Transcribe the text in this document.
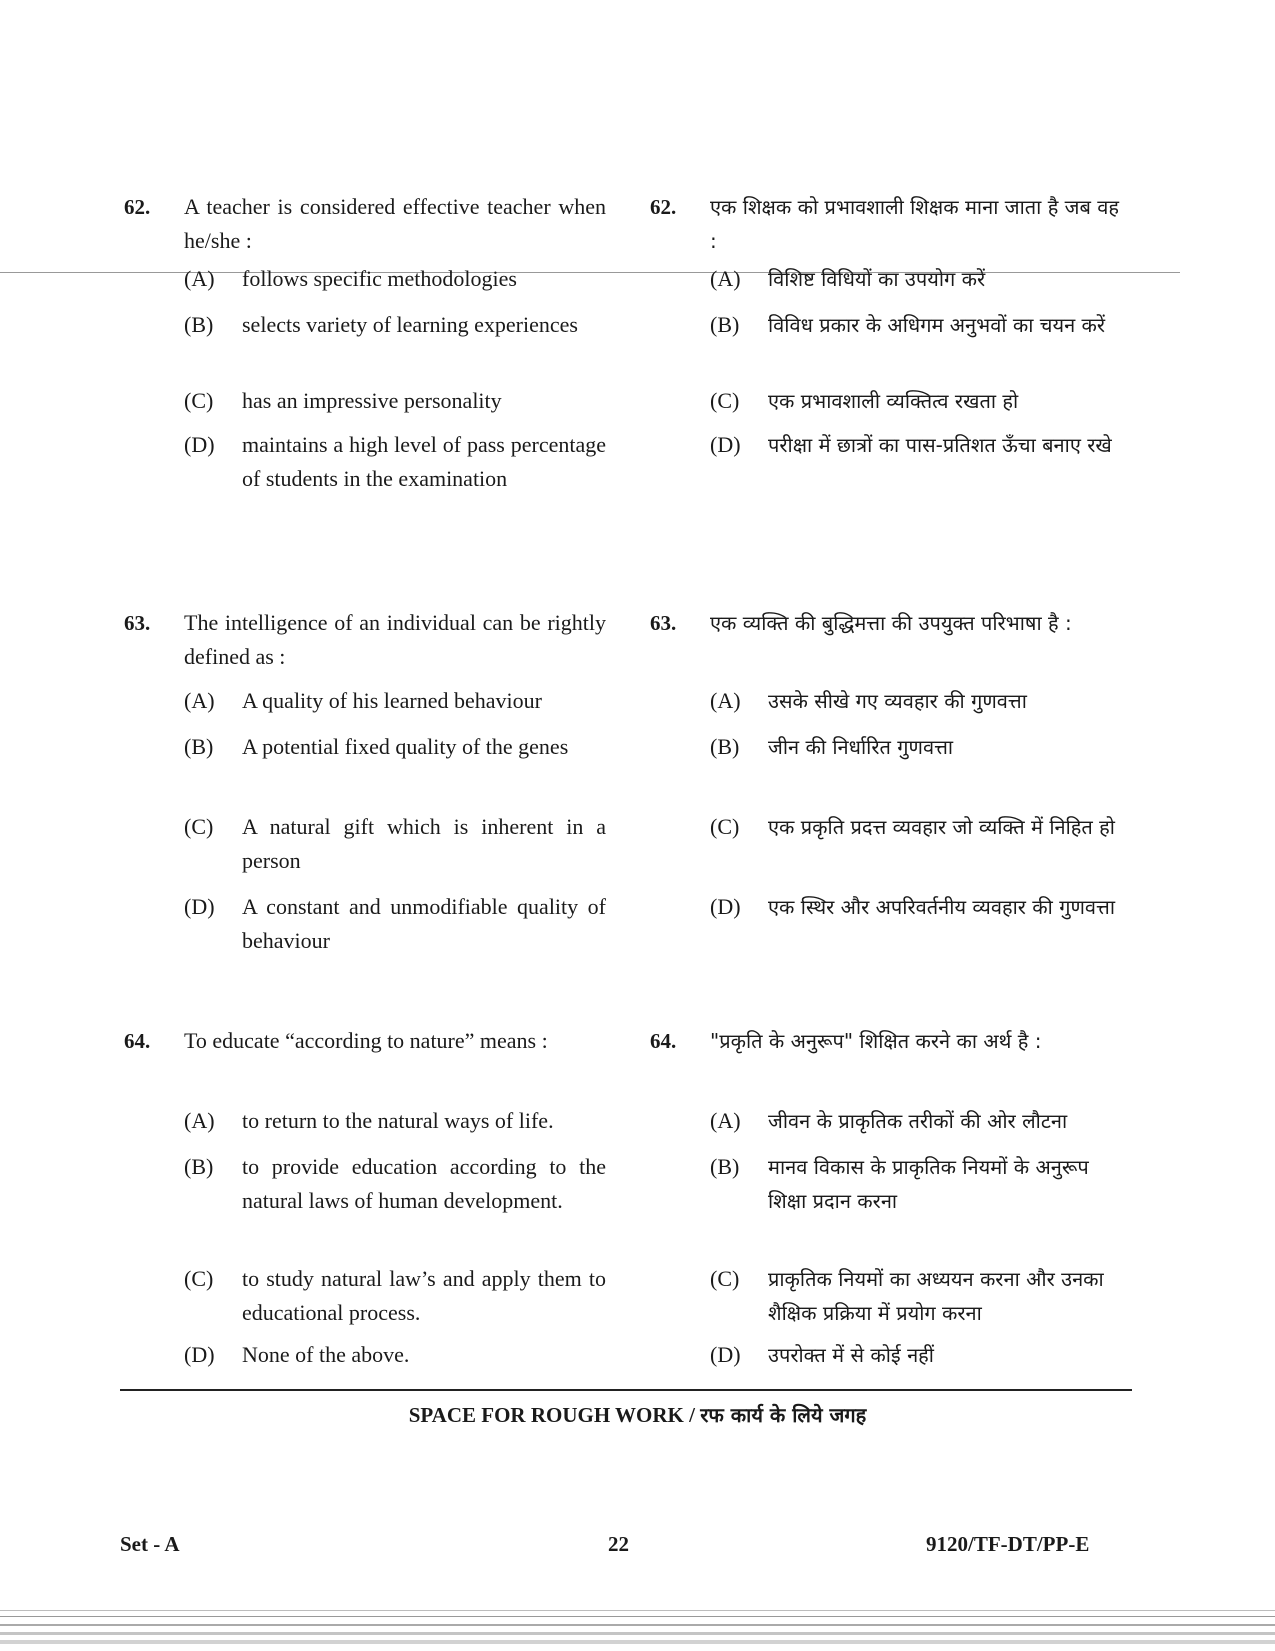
62. A teacher is considered effective teacher when he/she :
(A) follows specific methodologies
(B) selects variety of learning experiences
(C) has an impressive personality
(D) maintains a high level of pass percentage of students in the examination
62. एक शिक्षक को प्रभावशाली शिक्षक माना जाता है जब वह :
(A) विशिष्ट विधियों का उपयोग करें
(B) विविध प्रकार के अधिगम अनुभवों का चयन करें
(C) एक प्रभावशाली व्यक्तित्व रखता हो
(D) परीक्षा में छात्रों का पास-प्रतिशत ऊँचा बनाए रखे
63. The intelligence of an individual can be rightly defined as :
(A) A quality of his learned behaviour
(B) A potential fixed quality of the genes
(C) A natural gift which is inherent in a person
(D) A constant and unmodifiable quality of behaviour
63. एक व्यक्ति की बुद्धिमत्ता की उपयुक्त परिभाषा है :
(A) उसके सीखे गए व्यवहार की गुणवत्ता
(B) जीन की निर्धारित गुणवत्ता
(C) एक प्रकृति प्रदत्त व्यवहार जो व्यक्ति में निहित हो
(D) एक स्थिर और अपरिवर्तनीय व्यवहार की गुणवत्ता
64. To educate “according to nature” means :
(A) to return to the natural ways of life.
(B) to provide education according to the natural laws of human development.
(C) to study natural law’s and apply them to educational process.
(D) None of the above.
64. "प्रकृति के अनुरूप" शिक्षित करने का अर्थ है :
(A) जीवन के प्राकृतिक तरीकों की ओर लौटना
(B) मानव विकास के प्राकृतिक नियमों के अनुरूप शिक्षा प्रदान करना
(C) प्राकृतिक नियमों का अध्ययन करना और उनका शैक्षिक प्रक्रिया में प्रयोग करना
(D) उपरोक्त में से कोई नहीं
SPACE FOR ROUGH WORK / रफ कार्य के लिये जगह
Set - A	22	9120/TF-DT/PP-E
